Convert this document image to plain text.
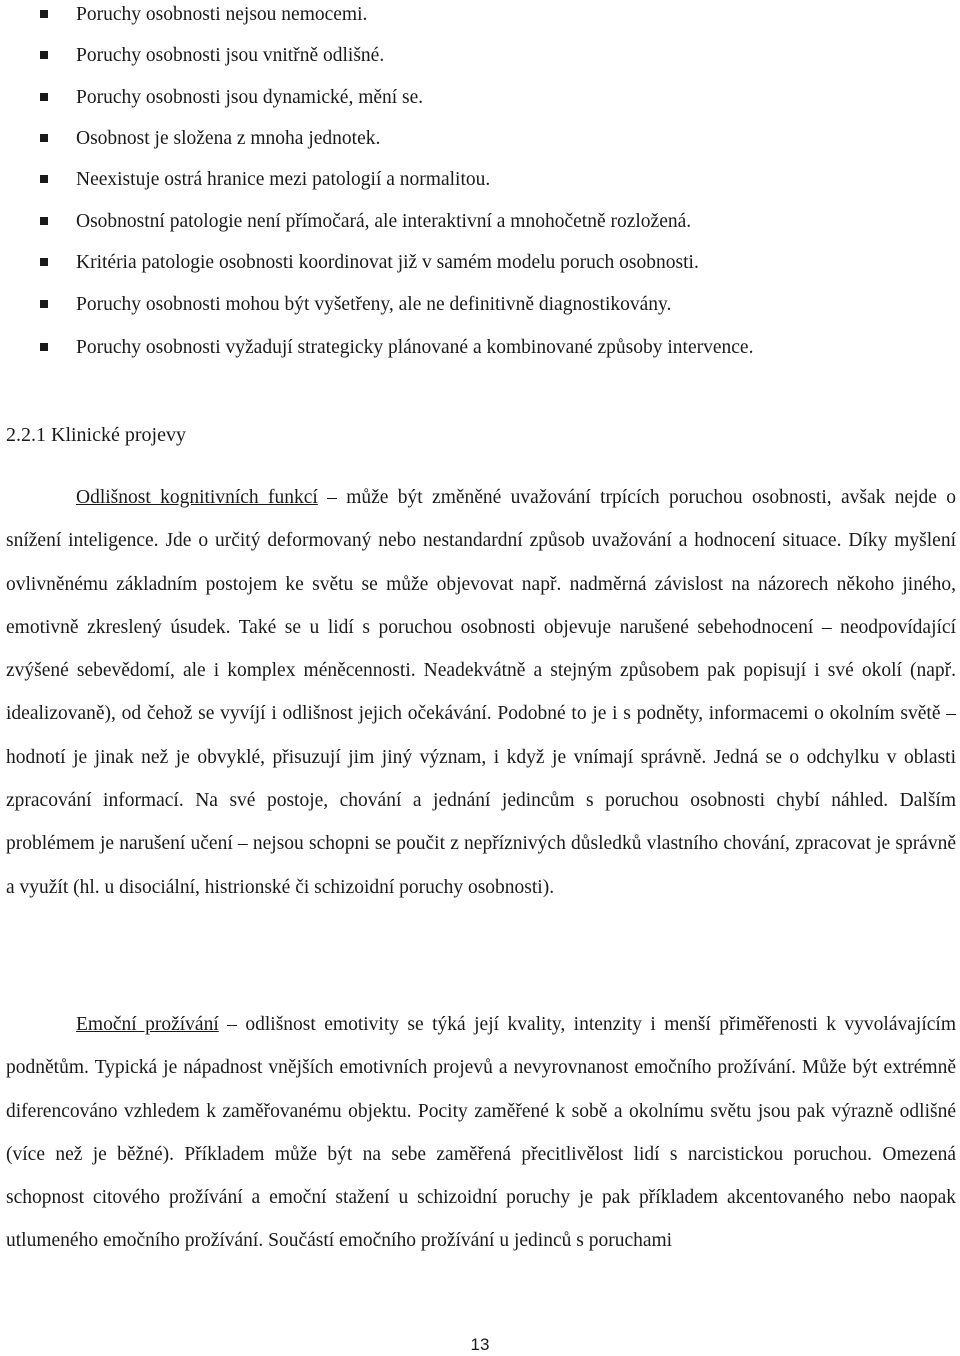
Poruchy osobnosti nejsou nemocemi.
Poruchy osobnosti jsou vnitřně odlišné.
Poruchy osobnosti jsou dynamické, mění se.
Osobnost je složena z mnoha jednotek.
Neexistuje ostrá hranice mezi patologií a normalitou.
Osobnostní patologie není přímočará, ale interaktivní a mnohočetně rozložená.
Kritéria patologie osobnosti koordinovat již v samém modelu poruch osobnosti.
Poruchy osobnosti mohou být vyšetřeny, ale ne definitivně diagnostikovány.
Poruchy osobnosti vyžadují strategicky plánované a kombinované způsoby intervence.
2.2.1 Klinické projevy

Odlišnost kognitivních funkcí – může být změněné uvažování trpících poruchou osobnosti, avšak nejde o snížení inteligence. Jde o určitý deformovaný nebo nestandardní způsob uvažování a hodnocení situace. Díky myšlení ovlivněnému základním postojem ke světu se může objevovat např. nadměrná závislost na názorech někoho jiného, emotivně zkreslený úsudek. Také se u lidí s poruchou osobnosti objevuje narušené sebehodnocení – neodpovídající zvýšené sebevědomí, ale i komplex méněcennosti. Neadekvátně a stejným způsobem pak popisují i své okolí (např. idealizovaně), od čehož se vyvíjí i odlišnost jejich očekávání. Podobné to je i s podněty, informacemi o okolním světě – hodnotí je jinak než je obvyklé, přisuzují jim jiný význam, i když je vnímají správně. Jedná se o odchylku v oblasti zpracování informací. Na své postoje, chování a jednání jedincům s poruchou osobnosti chybí náhled. Dalším problémem je narušení učení – nejsou schopni se poučit z nepříznivých důsledků vlastního chování, zpracovat je správně a využít (hl. u disociální, histrionské či schizoidní poruchy osobnosti).

Emoční prožívání – odlišnost emotivity se týká její kvality, intenzity i menší přiměřenosti k vyvolávajícím podnětům. Typická je nápadnost vnějších emotivních projevů a nevyrovnanost emočního prožívání. Může být extrémně diferencováno vzhledem k zaměřovanému objektu. Pocity zaměřené k sobě a okolnímu světu jsou pak výrazně odlišné (více než je běžné). Příkladem může být na sebe zaměřená přecitlivělost lidí s narcistickou poruchou. Omezená schopnost citového prožívání a emoční stažení u schizoidní poruchy je pak příkladem akcentovaného nebo naopak utlumeného emočního prožívání. Součástí emočního prožívání u jedinců s poruchami

13
